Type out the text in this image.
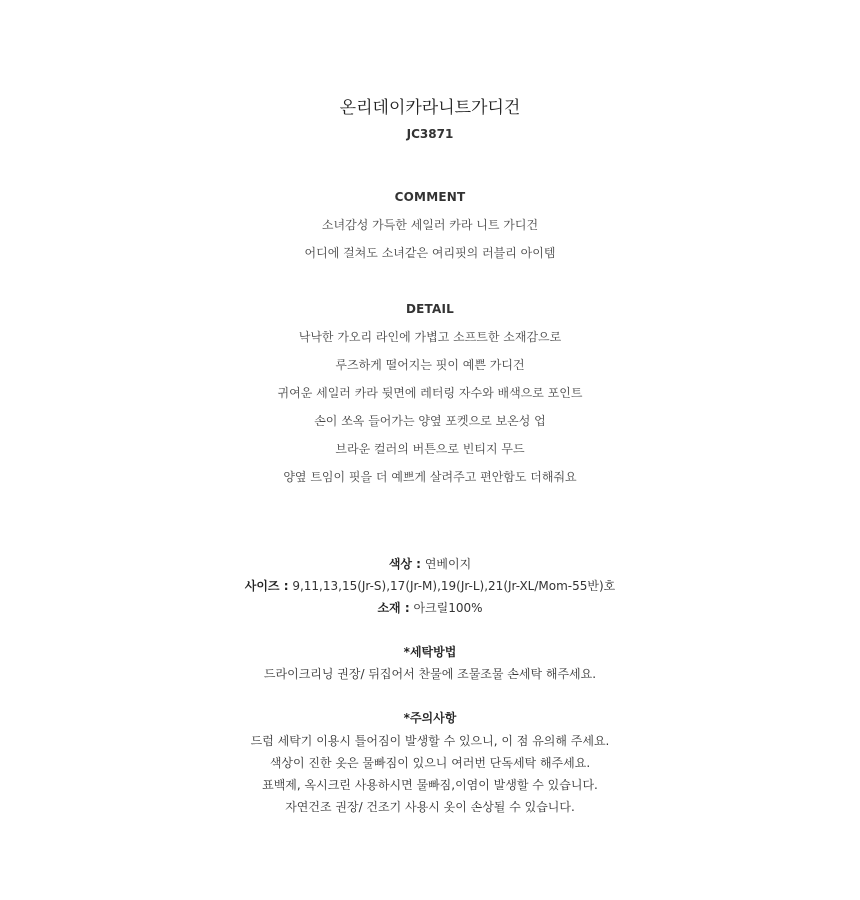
온리데이카라니트가디건
JC3871
COMMENT
소녀감성 가득한 세일러 카라 니트 가디건
어디에 걸쳐도 소녀같은 여리핏의 러블리 아이템
DETAIL
낙낙한 가오리 라인에 가볍고 소프트한 소재감으로
루즈하게 떨어지는 핏이 예쁜 가디건
귀여운 세일러 카라 뒷면에 레터링 자수와 배색으로 포인트
손이 쏘옥 들어가는 양옆 포켓으로 보온성 업
브라운 컬러의 버튼으로 빈티지 무드
양옆 트임이 핏을 더 예쁘게 살려주고 편안함도 더해줘요
색상 : 연베이지
사이즈 : 9,11,13,15(Jr-S),17(Jr-M),19(Jr-L),21(Jr-XL/Mom-55반)호
소재 : 아크릴100%
*세탁방법
드라이크리닝 권장/ 뒤집어서 찬물에 조물조물 손세탁 해주세요.
*주의사항
드럼 세탁기 이용시 틀어짐이 발생할 수 있으니, 이 점 유의해 주세요.
색상이 진한 옷은 물빠짐이 있으니 여러번 단독세탁 해주세요.
표백제, 옥시크린 사용하시면 물빠짐,이염이 발생할 수 있습니다.
자연건조 권장/ 건조기 사용시 옷이 손상될 수 있습니다.
